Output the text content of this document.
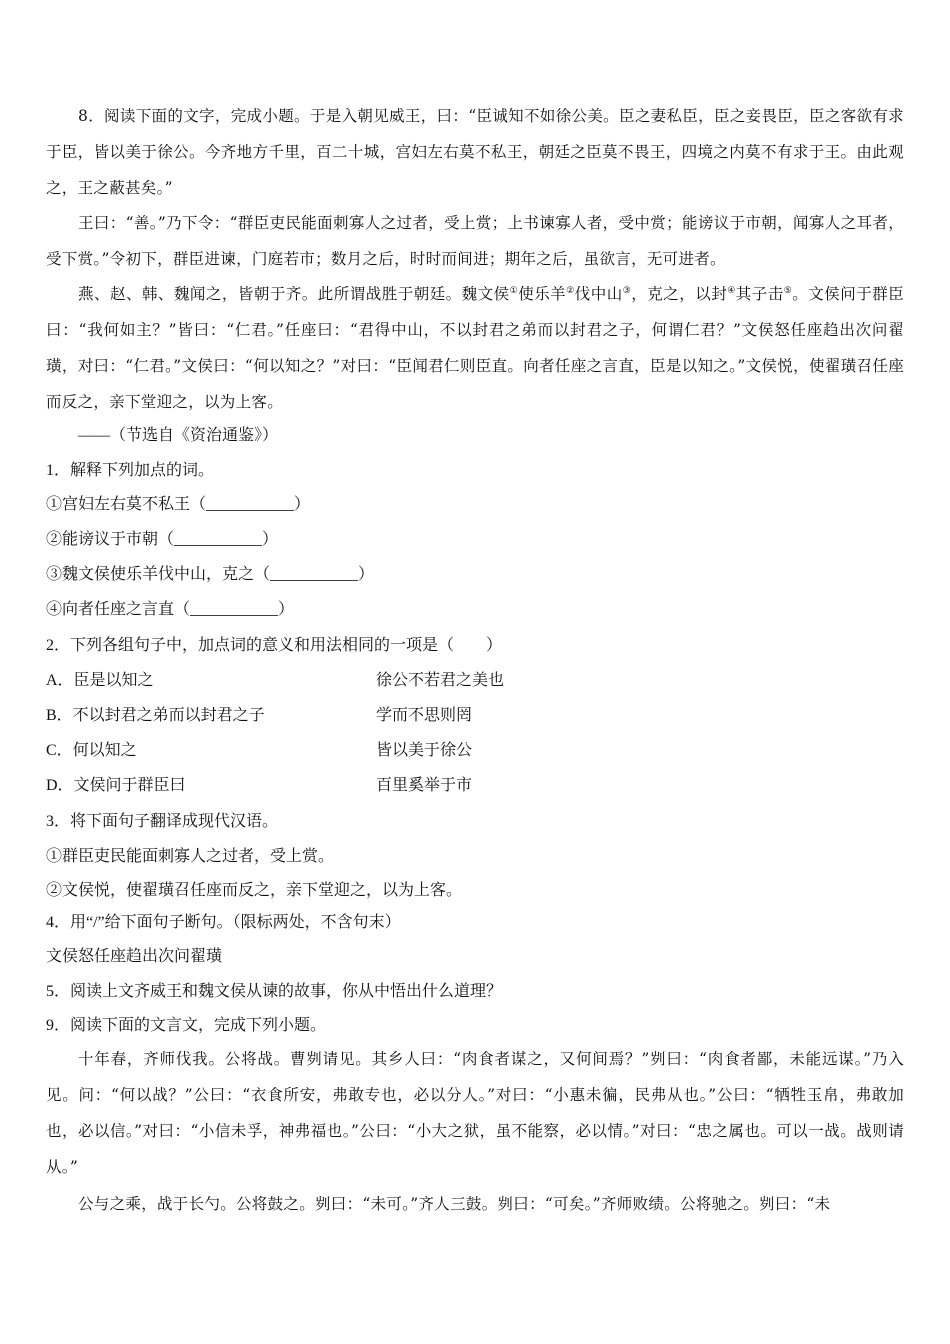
8．阅读下面的文字，完成小题。于是入朝见威王，曰：“臣诚知不如徐公美。臣之妻私臣，臣之妾畏臣，臣之客欲有求于臣，皆以美于徐公。今齐地方千里，百二十城，宫妇左右莫不私王，朝廷之臣莫不畏王，四境之内莫不有求于王。由此观之，王之蔽甚矣。”

王曰：“善。”乃下令：“群臣吏民能面刺寡人之过者，受上赏；上书谏寡人者，受中赏；能谤议于市朝，闻寡人之耳者，受下赏。”令初下，群臣进谏，门庭若市；数月之后，时时而间进；期年之后，虽欲言，无可进者。

燕、赵、韩、魏闻之，皆朝于齐。此所谓战胜于朝廷。魏文侯①使乐羊②伐中山③，克之，以封④其子击⑤。文侯问于群臣曰：“我何如主？”皆曰：“仁君。”任座曰：“君得中山，不以封君之弟而以封君之子，何谓仁君？”文侯怒任座趋出次问翟璜，对曰：“仁君。”文侯曰：“何以知之？”对曰：“臣闻君仁则臣直。向者任座之言直，臣是以知之。”文侯悦，使翟璜召任座而反之，亲下堂迎之，以为上客。

——（节选自《资治通鉴》）
1．解释下列加点的词。
①宫妇左右莫不私王（___________）
②能谤议于市朝（___________）
③魏文侯使乐羊伐中山，克之（___________）
④向者任座之言直（___________）
2．下列各组句子中，加点词的意义和用法相同的一项是（　　）
A．臣是以知之	徐公不若君之美也
B．不以封君之弟而以封君之子	学而不思则罔
C．何以知之	皆以美于徐公
D．文侯问于群臣曰	百里奚举于市
3．将下面句子翻译成现代汉语。
①群臣吏民能面刺寡人之过者，受上赏。
②文侯悦，使翟璜召任座而反之，亲下堂迎之，以为上客。
4．用“/”给下面句子断句。（限标两处，不含句末）
文侯怒任座趋出次问翟璜
5．阅读上文齐威王和魏文侯从谏的故事，你从中悟出什么道理？
9．阅读下面的文言文，完成下列小题。

十年春，齐师伐我。公将战。曹刿请见。其乡人曰：“肉食者谋之，又何间焉？”刿曰：“肉食者鄙，未能远谋。”乃入见。问：“何以战？”公曰：“衣食所安，弗敢专也，必以分人。”对曰：“小惠未徧，民弗从也。”公曰：“牺牲玉帛，弗敢加也，必以信。”对曰：“小信未孚，神弗福也。”公曰：“小大之狱，虽不能察，必以情。”对曰：“忠之属也。可以一战。战则请从。”

公与之乘，战于长勺。公将鼓之。刿曰：“未可。”齐人三鼓。刿曰：“可矣。”齐师败绩。公将驰之。刿曰：“未
